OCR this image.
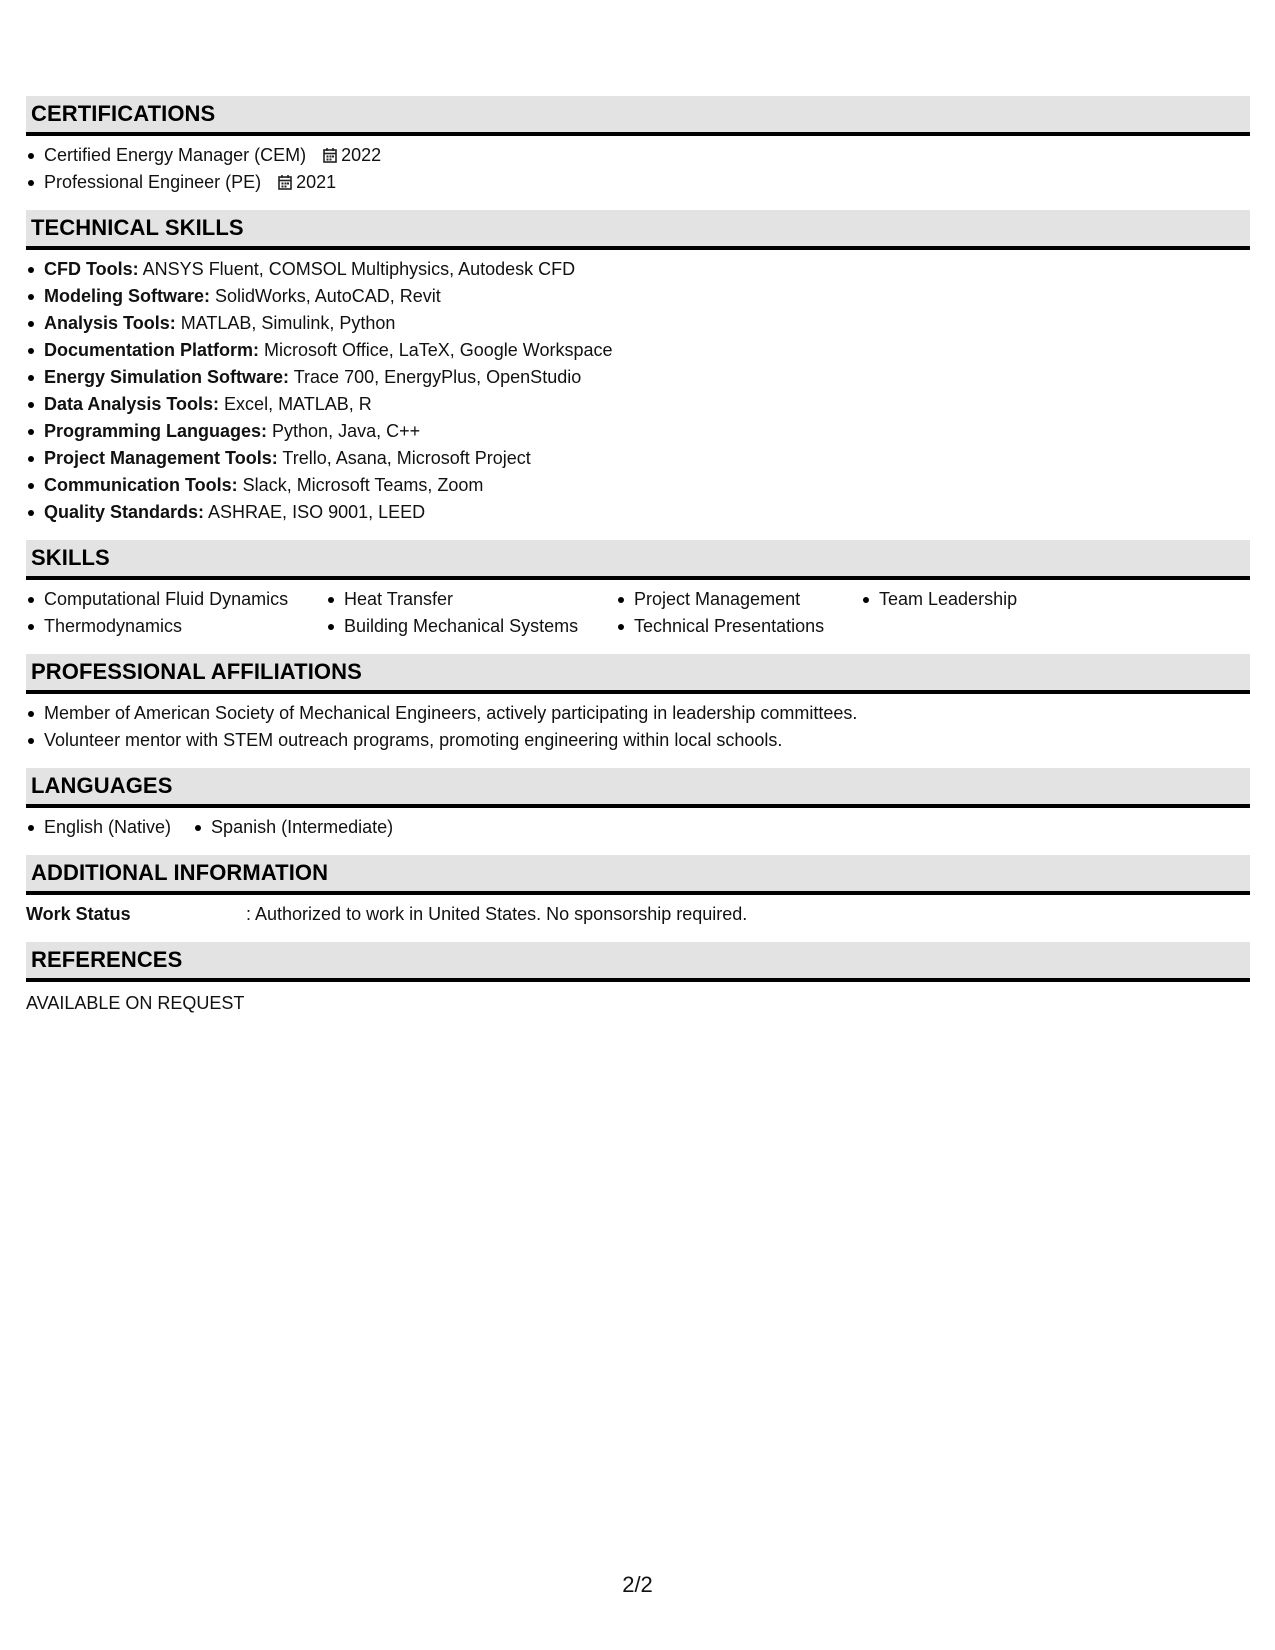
CERTIFICATIONS
Certified Energy Manager (CEM) 2022
Professional Engineer (PE) 2021
TECHNICAL SKILLS
CFD Tools: ANSYS Fluent, COMSOL Multiphysics, Autodesk CFD
Modeling Software: SolidWorks, AutoCAD, Revit
Analysis Tools: MATLAB, Simulink, Python
Documentation Platform: Microsoft Office, LaTeX, Google Workspace
Energy Simulation Software: Trace 700, EnergyPlus, OpenStudio
Data Analysis Tools: Excel, MATLAB, R
Programming Languages: Python, Java, C++
Project Management Tools: Trello, Asana, Microsoft Project
Communication Tools: Slack, Microsoft Teams, Zoom
Quality Standards: ASHRAE, ISO 9001, LEED
SKILLS
Computational Fluid Dynamics
Thermodynamics
Heat Transfer
Building Mechanical Systems
Project Management
Technical Presentations
Team Leadership
PROFESSIONAL AFFILIATIONS
Member of American Society of Mechanical Engineers, actively participating in leadership committees.
Volunteer mentor with STEM outreach programs, promoting engineering within local schools.
LANGUAGES
English (Native)	Spanish (Intermediate)
ADDITIONAL INFORMATION
Work Status	: Authorized to work in United States. No sponsorship required.
REFERENCES
AVAILABLE ON REQUEST
2/2
